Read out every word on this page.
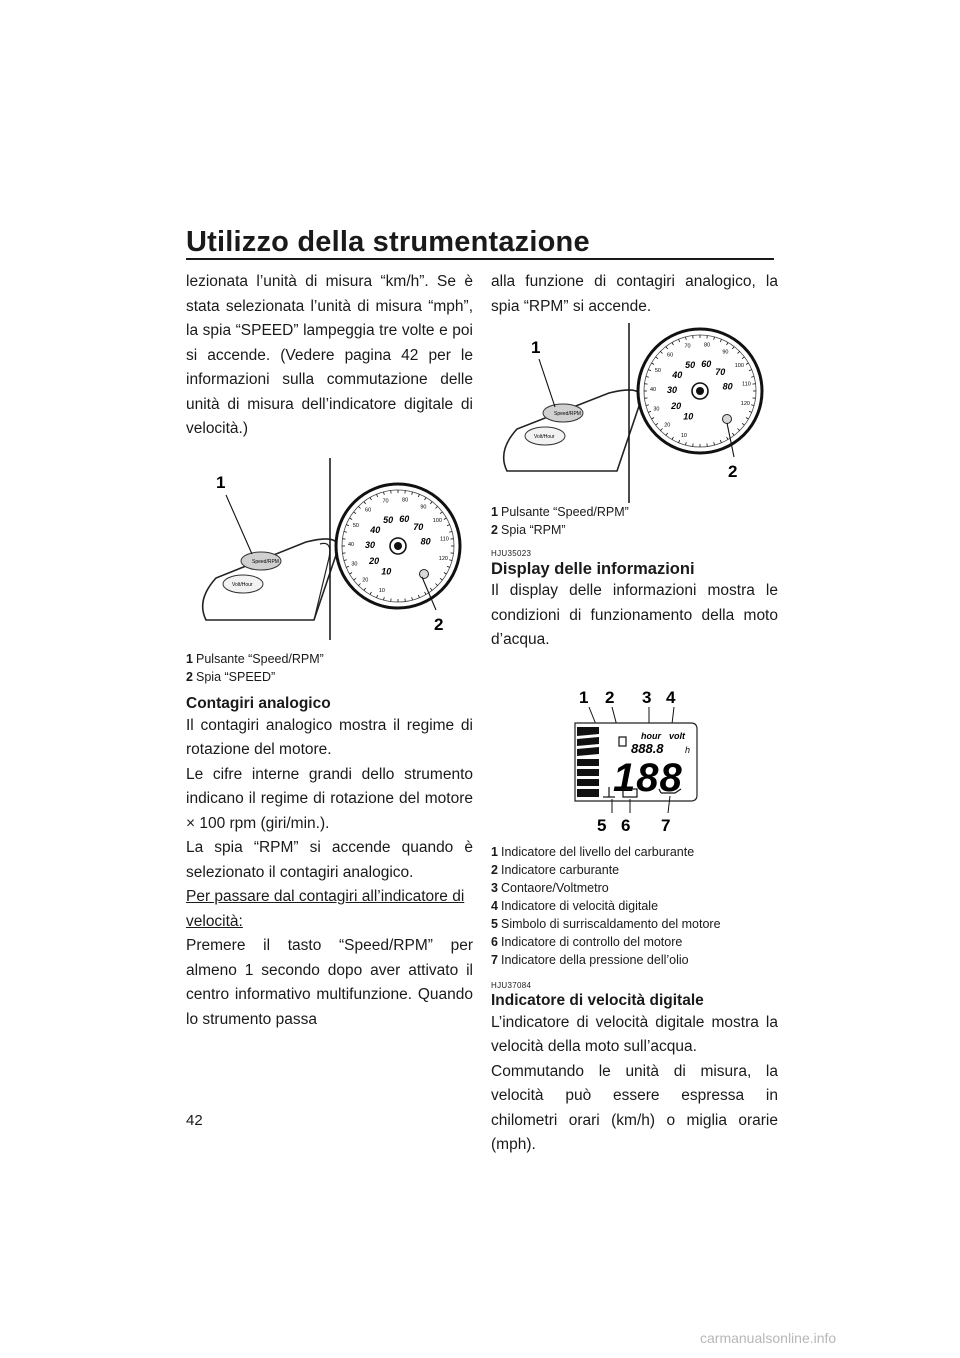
Utilizzo della strumentazione

lezionata l’unità di misura “km/h”. Se è stata selezionata l’unità di misura “mph”, la spia “SPEED” lampeggia tre volte e poi si accende. (Vedere pagina 42 per le informazioni sulla commutazione delle unità di misura dell’indicatore digitale di velocità.)

Speed/RPM
Volt/Hour
10
20
30
40
50
60
70 80
90
100
110
120
10
20
30
40
50 60
70
80
1
2
1 Pulsante “Speed/RPM”
2 Spia “SPEED”
Contagiri analogico

Il contagiri analogico mostra il regime di rotazione del motore.

Le cifre interne grandi dello strumento indicano il regime di rotazione del motore × 100 rpm (giri/min.).

La spia “RPM” si accende quando è selezionato il contagiri analogico.

Per passare dal contagiri all’indicatore di velocità:

Premere il tasto “Speed/RPM” per almeno 1 secondo dopo aver attivato il centro informativo multifunzione. Quando lo strumento passa

alla funzione di contagiri analogico, la spia “RPM” si accende.

Speed/RPM
Volt/Hour	10
20
30
40
50
60
70 80
90
100
110
120
10
20
30
40
50 60
70
80
1
2
1 Pulsante “Speed/RPM”
2 Spia “RPM”
HJU35023
Display delle informazioni

Il display delle informazioni mostra le condizioni di funzionamento della moto d’acqua.

1 2 3 4
hour volt
888.8 h
188
5 6 7
1 Indicatore del livello del carburante
2 Indicatore carburante
3 Contaore/Voltmetro
4 Indicatore di velocità digitale
5 Simbolo di surriscaldamento del motore
6 Indicatore di controllo del motore
7 Indicatore della pressione dell’olio
HJU37084
Indicatore di velocità digitale

L’indicatore di velocità digitale mostra la velocità della moto sull’acqua.

Commutando le unità di misura, la velocità può essere espressa in chilometri orari (km/h) o miglia orarie (mph).

42
carmanualsonline.info
